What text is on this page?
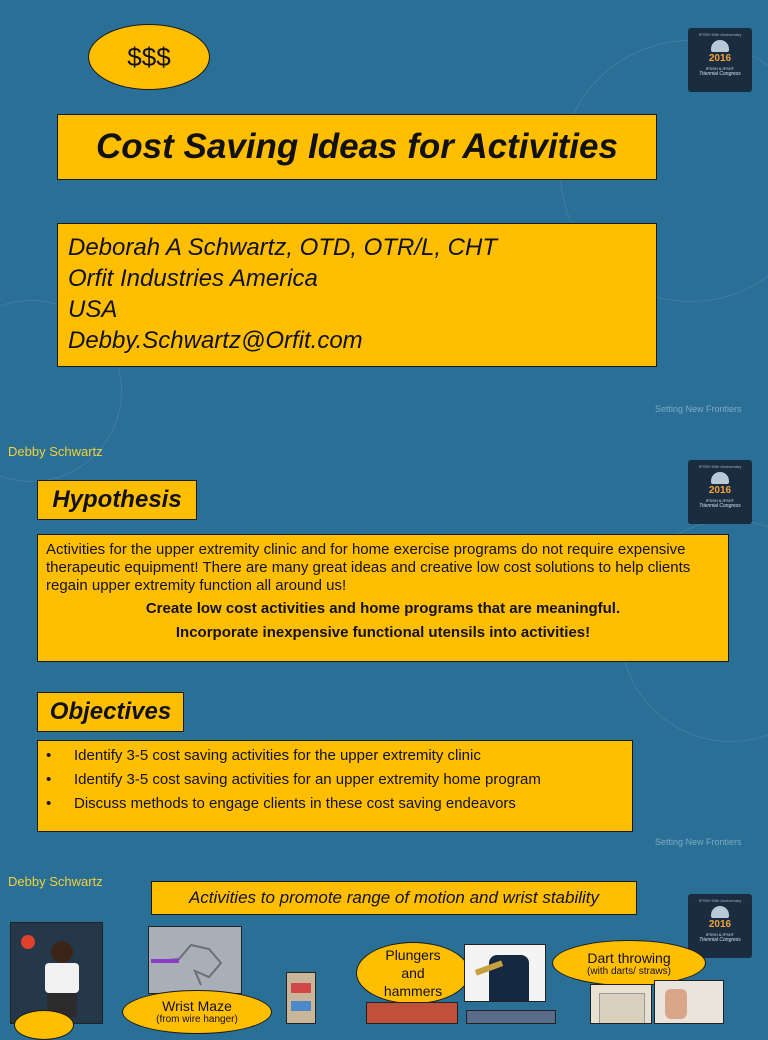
$$$
IFSSH 50th Anniversary
2016
IFSSH & IFSHT
Triennial Congress
Cost Saving Ideas for Activities
Deborah A Schwartz, OTD, OTR/L, CHT
Orfit Industries America
USA
Debby.Schwartz@Orfit.com
Setting New Frontiers
Debby Schwartz
IFSSH 50th Anniversary
2016
IFSSH & IFSHT
Triennial Congress
Hypothesis
Activities for the upper extremity clinic and for home exercise programs do not require expensive therapeutic equipment! There are many great ideas and creative low cost solutions to help clients regain upper extremity function all around us!
Create low cost activities and home programs that are meaningful.
Incorporate inexpensive functional utensils into activities!
Objectives
• Identify 3-5 cost saving activities for the upper extremity clinic
• Identify 3-5 cost saving activities for an upper extremity home program
• Discuss methods to engage clients in these cost saving endeavors
Setting New Frontiers
Debby Schwartz
Activities to promote range of motion and wrist stability	IFSSH 50th Anniversary
2016
IFSSH & IFSHT
Triennial Congress
Wrist Maze
(from wire hanger)
Plungers and hammers
Dart throwing
(with darts/ straws)
